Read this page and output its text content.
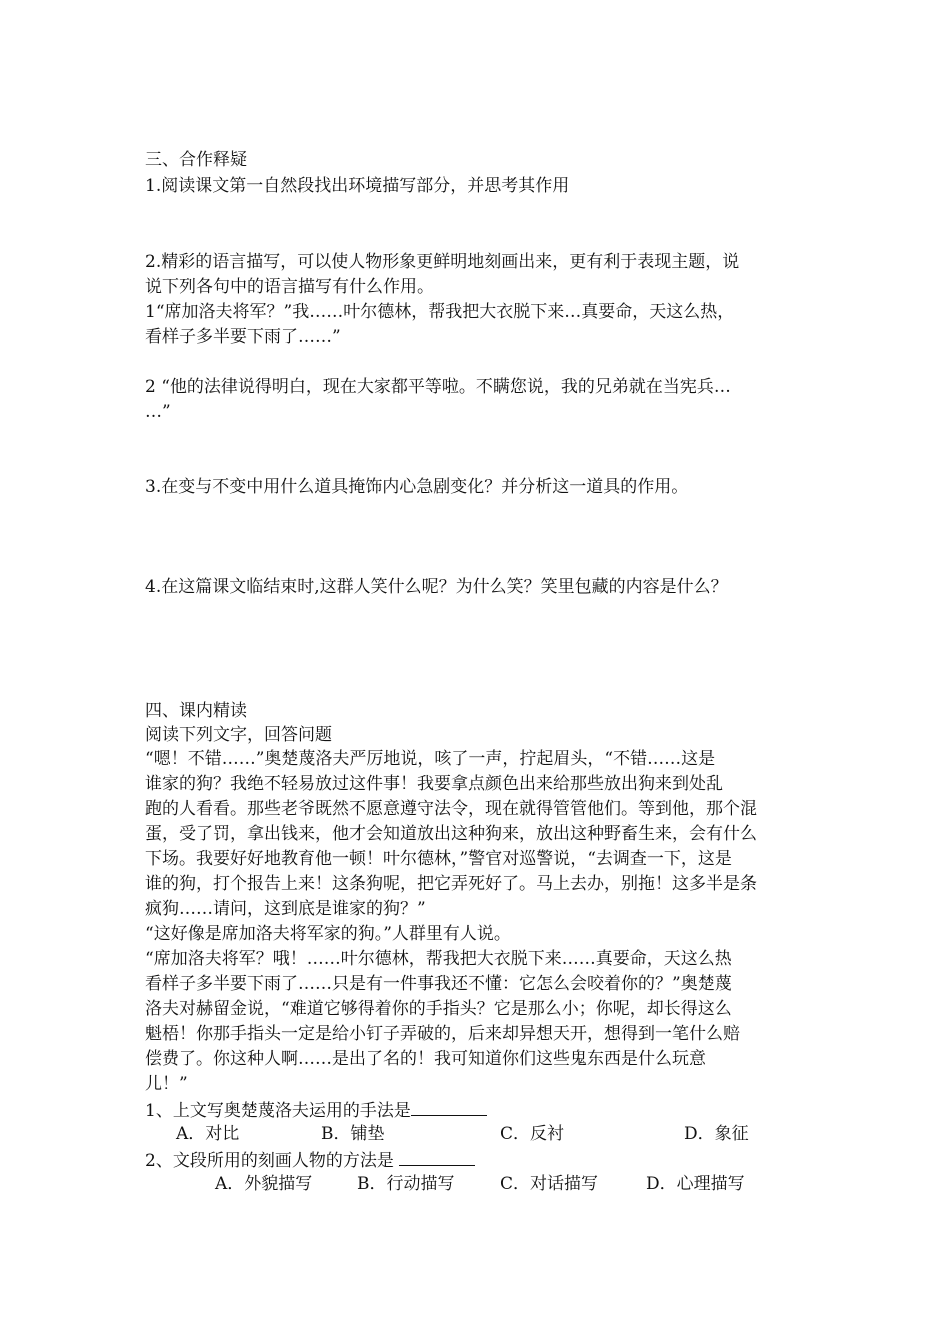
三、合作释疑
1.阅读课文第一自然段找出环境描写部分，并思考其作用
2.精彩的语言描写，可以使人物形象更鲜明地刻画出来，更有利于表现主题，说
说下列各句中的语言描写有什么作用。
1“席加洛夫将军？”我……叶尔德林，帮我把大衣脱下来…真要命，天这么热，
看样子多半要下雨了……”
2 “他的法律说得明白，现在大家都平等啦。不瞒您说，我的兄弟就在当宪兵…
…”
3.在变与不变中用什么道具掩饰内心急剧变化？并分析这一道具的作用。
4.在这篇课文临结束时,这群人笑什么呢？为什么笑？笑里包藏的内容是什么？
四、课内精读
阅读下列文字，回答问题
“嗯！不错……”奥楚蔑洛夫严厉地说，咳了一声，拧起眉头，“不错……这是
谁家的狗？我绝不轻易放过这件事！我要拿点颜色出来给那些放出狗来到处乱
跑的人看看。那些老爷既然不愿意遵守法令，现在就得管管他们。等到他，那个混
蛋，受了罚，拿出钱来，他才会知道放出这种狗来，放出这种野畜生来，会有什么
下场。我要好好地教育他一顿！叶尔德林，”警官对巡警说，“去调查一下，这是
谁的狗，打个报告上来！这条狗呢，把它弄死好了。马上去办，别拖！这多半是条
疯狗……请问，这到底是谁家的狗？”
“这好像是席加洛夫将军家的狗。”人群里有人说。
“席加洛夫将军？哦！……叶尔德林，帮我把大衣脱下来……真要命，天这么热
看样子多半要下雨了……只是有一件事我还不懂：它怎么会咬着你的？”奥楚蔑
洛夫对赫留金说，“难道它够得着你的手指头？它是那么小；你呢，却长得这么
魁梧！你那手指头一定是给小钉子弄破的，后来却异想天开，想得到一笔什么赔
偿费了。你这种人啊……是出了名的！我可知道你们这些鬼东西是什么玩意
儿！”
1、上文写奥楚蔑洛夫运用的手法是
A．对比	B．铺垫	C．反衬	D．象征
2、文段所用的刻画人物的方法是
A．外貌描写	B．行动描写	C．对话描写	D．心理描写
